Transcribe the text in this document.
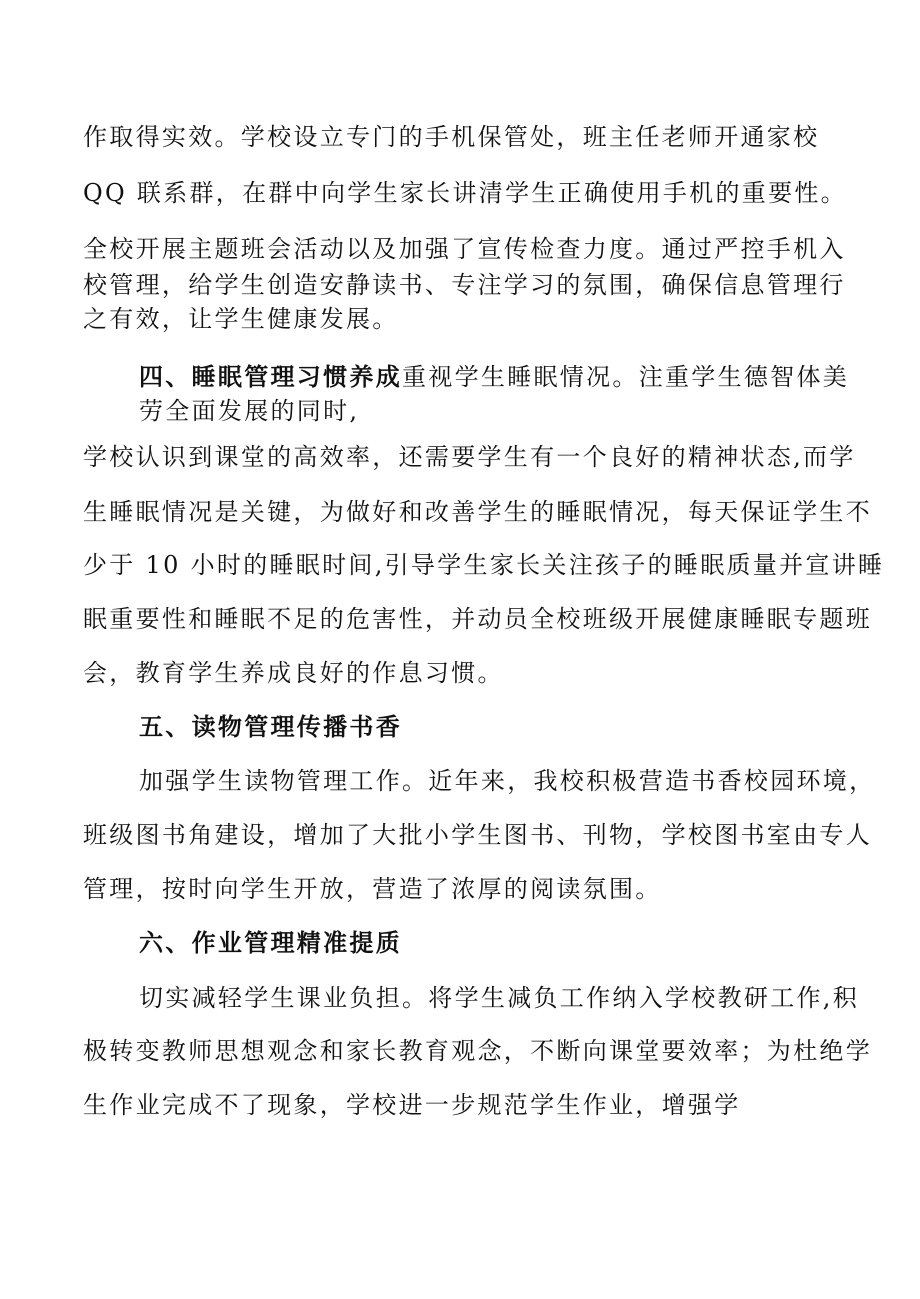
作取得实效。学校设立专门的手机保管处，班主任老师开通家校
QQ 联系群，在群中向学生家长讲清学生正确使用手机的重要性。
全校开展主题班会活动以及加强了宣传检查力度。通过严控手机入
校管理，给学生创造安静读书、专注学习的氛围，确保信息管理行
之有效，让学生健康发展。
四、睡眠管理习惯养成重视学生睡眠情况。注重学生德智体美
劳全面发展的同时,
学校认识到课堂的高效率，还需要学生有一个良好的精神状态,而学
生睡眠情况是关键，为做好和改善学生的睡眠情况，每天保证学生不
少于 10 小时的睡眠时间,引导学生家长关注孩子的睡眠质量并宣讲睡
眠重要性和睡眠不足的危害性，并动员全校班级开展健康睡眠专题班
会，教育学生养成良好的作息习惯。
五、读物管理传播书香
加强学生读物管理工作。近年来，我校积极营造书香校园环境，
班级图书角建设，增加了大批小学生图书、刊物，学校图书室由专人
管理，按时向学生开放，营造了浓厚的阅读氛围。
六、作业管理精准提质
切实减轻学生课业负担。将学生减负工作纳入学校教研工作,积
极转变教师思想观念和家长教育观念，不断向课堂要效率；为杜绝学
生作业完成不了现象，学校进一步规范学生作业，增强学
